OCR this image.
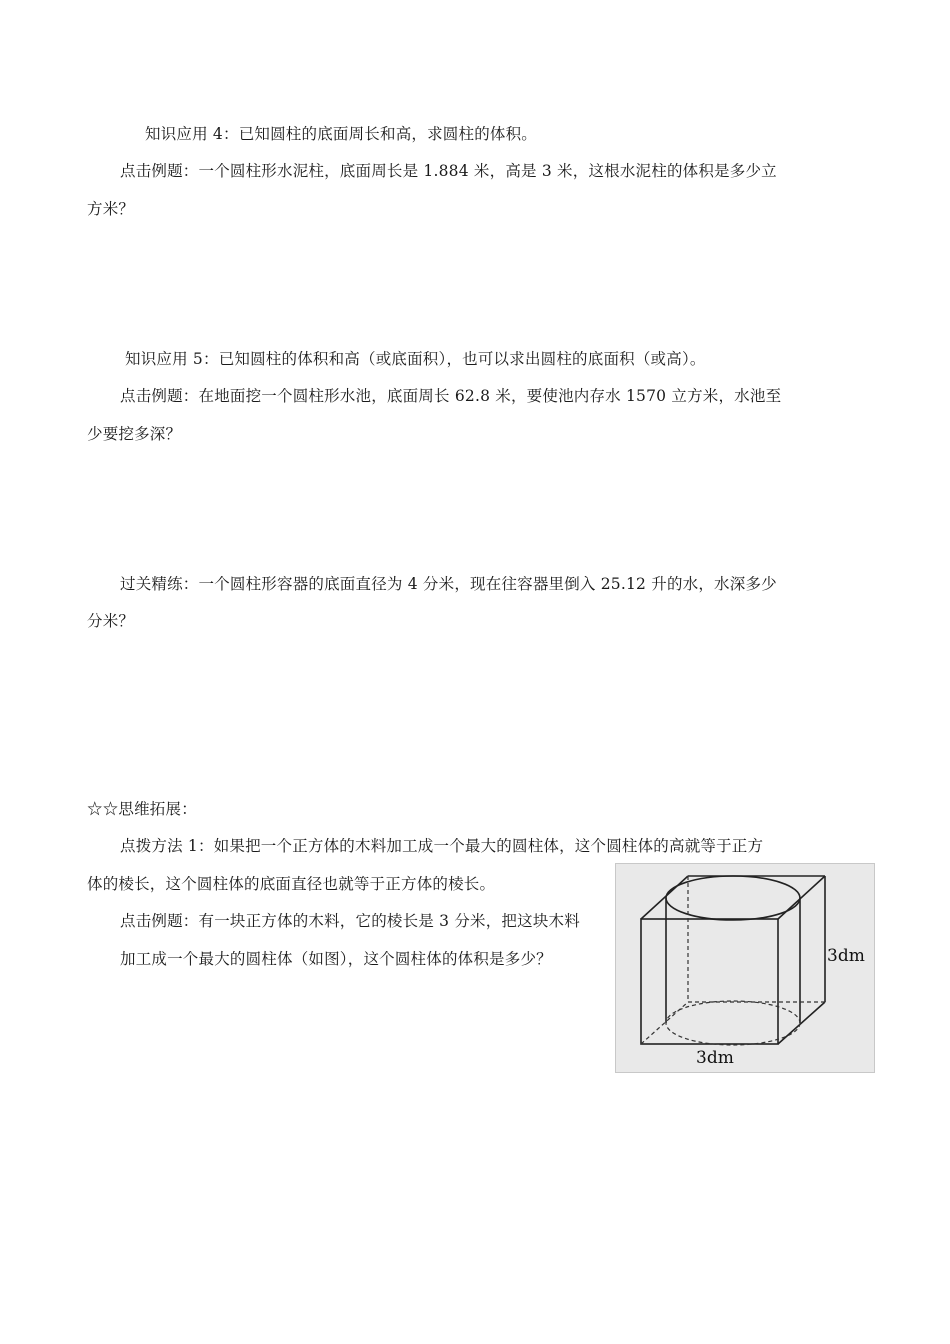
知识应用 4：已知圆柱的底面周长和高，求圆柱的体积。
点击例题：一个圆柱形水泥柱，底面周长是 1.884 米，高是 3 米，这根水泥柱的体积是多少立
方米？
知识应用 5：已知圆柱的体积和高（或底面积），也可以求出圆柱的底面积（或高）。
点击例题：在地面挖一个圆柱形水池，底面周长 62.8 米，要使池内存水 1570 立方米，水池至
少要挖多深？
过关精练：一个圆柱形容器的底面直径为 4 分米，现在往容器里倒入 25.12 升的水，水深多少
分米？
☆☆思维拓展：
点拨方法 1：如果把一个正方体的木料加工成一个最大的圆柱体，这个圆柱体的高就等于正方
体的棱长，这个圆柱体的底面直径也就等于正方体的棱长。
点击例题：有一块正方体的木料，它的棱长是 3 分米，把这块木料
加工成一个最大的圆柱体（如图），这个圆柱体的体积是多少？	3dm
3dm
